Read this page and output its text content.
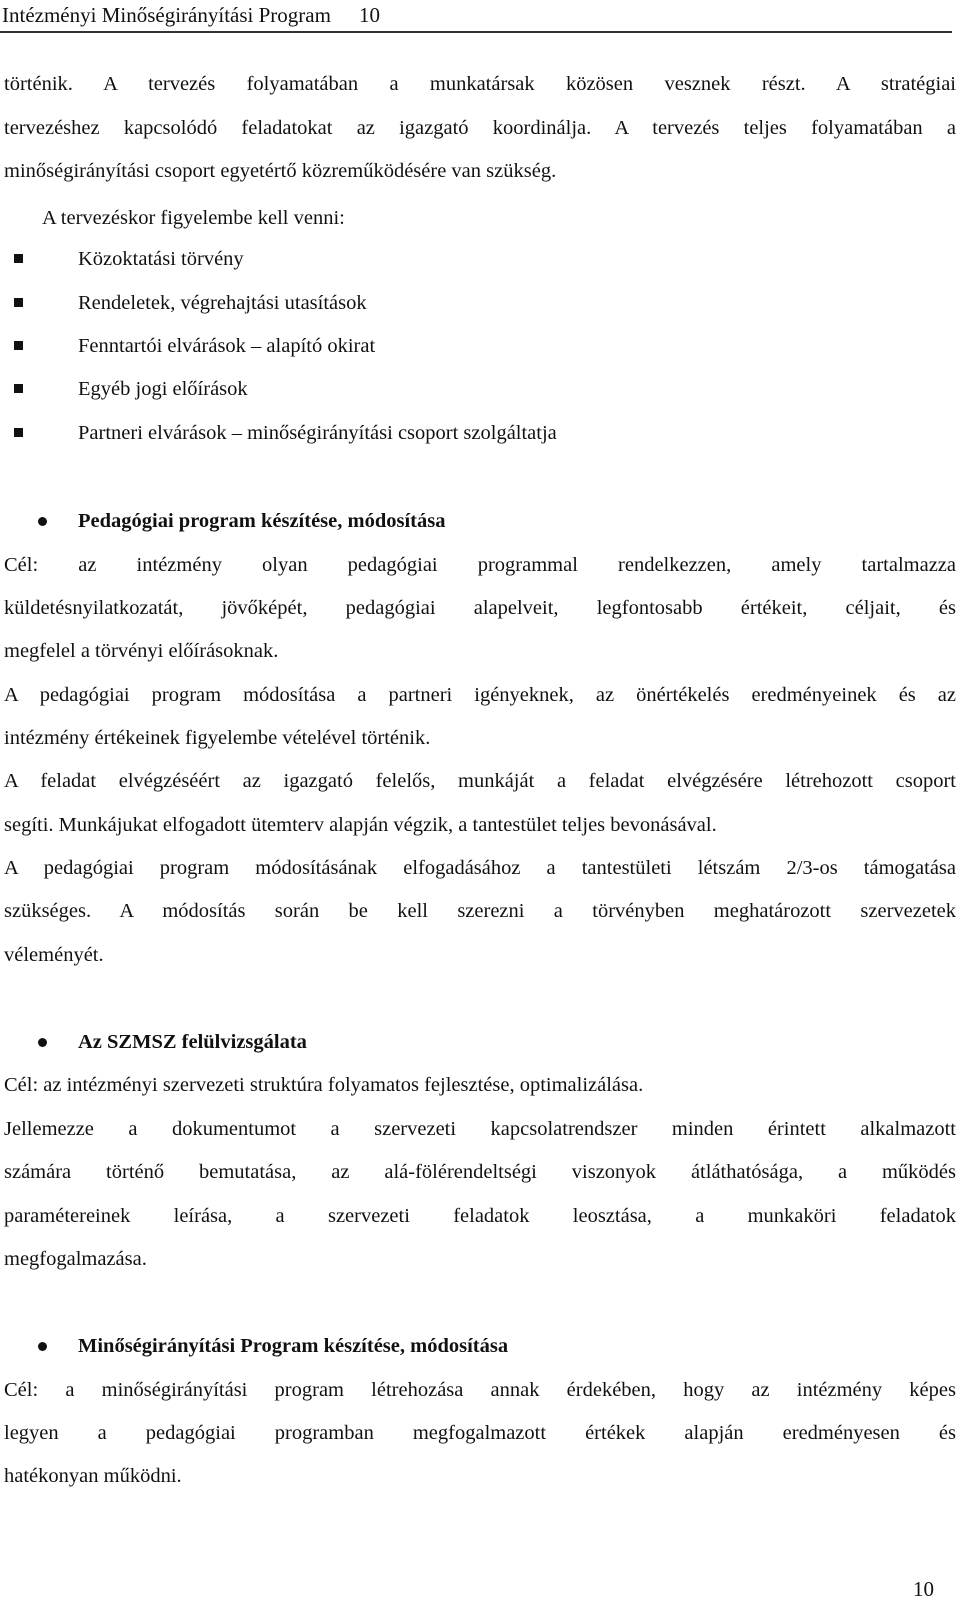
Intézményi Minőségirányítási Program 10
történik. A tervezés folyamatában a munkatársak közösen vesznek részt. A stratégiai
tervezéshez kapcsolódó feladatokat az igazgató koordinálja. A tervezés teljes folyamatában a
minőségirányítási csoport egyetértő közreműködésére van szükség.
A tervezéskor figyelembe kell venni:
Közoktatási törvény
Rendeletek, végrehajtási utasítások
Fenntartói elvárások – alapító okirat
Egyéb jogi előírások
Partneri elvárások – minőségirányítási csoport szolgáltatja
Pedagógiai program készítése, módosítása
Cél: az intézmény olyan pedagógiai programmal rendelkezzen, amely tartalmazza
küldetésnyilatkozatát, jövőképét, pedagógiai alapelveit, legfontosabb értékeit, céljait, és
megfelel a törvényi előírásoknak.
A pedagógiai program módosítása a partneri igényeknek, az önértékelés eredményeinek és az
intézmény értékeinek figyelembe vételével történik.
A feladat elvégzéséért az igazgató felelős, munkáját a feladat elvégzésére létrehozott csoport
segíti. Munkájukat elfogadott ütemterv alapján végzik, a tantestület teljes bevonásával.
A pedagógiai program módosításának elfogadásához a tantestületi létszám 2/3-os támogatása
szükséges. A módosítás során be kell szerezni a törvényben meghatározott szervezetek
véleményét.
Az SZMSZ felülvizsgálata
Cél: az intézményi szervezeti struktúra folyamatos fejlesztése, optimalizálása.
Jellemezze a dokumentumot a szervezeti kapcsolatrendszer minden érintett alkalmazott
számára történő bemutatása, az alá-fölérendeltségi viszonyok átláthatósága, a működés
paramétereinek leírása, a szervezeti feladatok leosztása, a munkaköri feladatok
megfogalmazása.
Minőségirányítási Program készítése, módosítása
Cél: a minőségirányítási program létrehozása annak érdekében, hogy az intézmény képes
legyen a pedagógiai programban megfogalmazott értékek alapján eredményesen és
hatékonyan működni.
10
